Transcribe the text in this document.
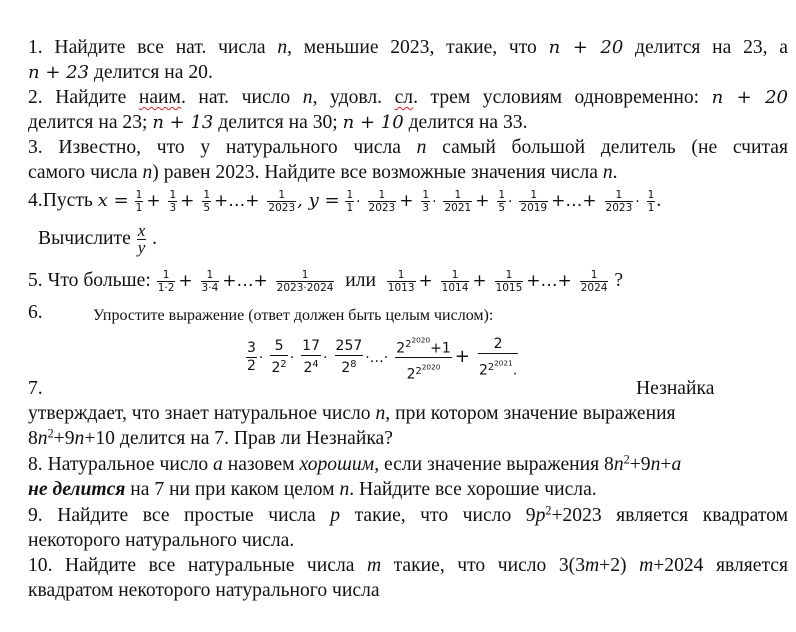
1. Найдите все нат. числа n, меньшие 2023, такие, что n + 20 делится на 23, а
n + 23 делится на 20.
2. Найдите наим. нат. число n, удовл. сл. трем условиям одновременно: n + 20
делится на 23; n + 13 делится на 30; n + 10 делится на 33.
3. Известно, что у натурального числа n самый большой делитель (не считая
самого числа n) равен 2023. Найдите все возможные значения числа n.
4.Пусть $x = \frac{1}{1} + \frac{1}{3} + \frac{1}{5}$ +…+ $\frac{1}{2023}$ , $y = \frac{1}{1} \cdot \frac{1}{2023} + \frac{1}{3} \cdot \frac{1}{2021} + \frac{1}{5} \cdot \frac{1}{2019}$ +…+ $\frac{1}{2023} \cdot \frac{1}{1}$ .
Вычислите $\frac{x}{y}$ .
5. Что больше: $\frac{1}{1\cdot 2} + \frac{1}{3\cdot 4}$ +…+ $\frac{1}{2023\cdot 2024}$ или $\frac{1}{1013} + \frac{1}{1014} + \frac{1}{1015}$ +…+ $\frac{1}{2024}$ ?
6.	Упростите выражение (ответ должен быть целым числом):
$\frac{3}{2} \cdot \frac{5}{2^2} \cdot \frac{17}{2^4} \cdot \frac{257}{2^8}$ ·…· $\frac{2^{2^{2020}}+1}{2^{2^{2020}}} + \frac{2}{2^{2^{2021}}.}$
7.	Незнайка
утверждает, что знает натуральное число n, при котором значение выражения
$8n^2+9n+10$ делится на 7. Прав ли Незнайка?
8. Натуральное число a назовем хорошим, если значение выражения $8n^2+9n+a$
не делится на 7 ни при каком целом n. Найдите все хорошие числа.
9. Найдите все простые числа p такие, что число $9p^2+2023$ является квадратом
некоторого натурального числа.
10. Найдите все натуральные числа m такие, что число 3(3m+2) m+2024 является
квадратом некоторого натурального числа
